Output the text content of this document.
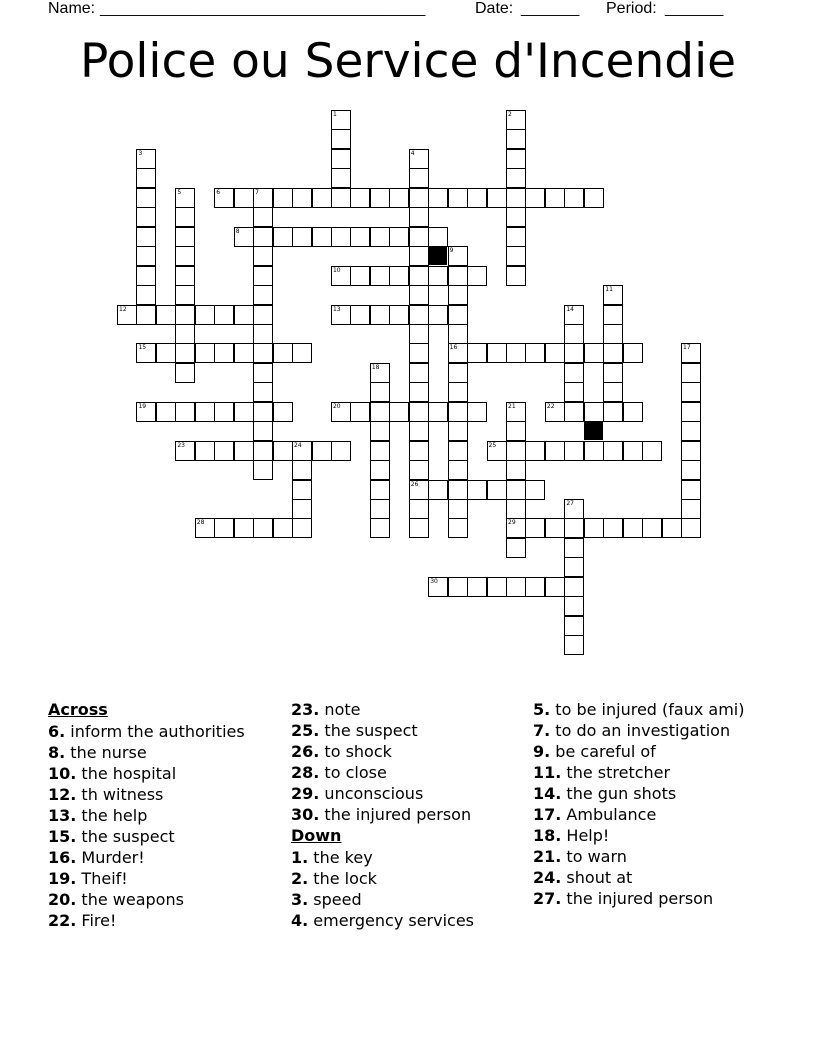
Name: _______________________________________	Date: _______ Period: _______
Police ou Service d'Incendie
1	2
3	4
26
5	6	7
8
9
16
10
11
12	13	14
15	17
18
19	20	21
29
22
23	24	25
27
28
30
Across
6. inform the authorities
8. the nurse
10. the hospital
12. th witness
13. the help
15. the suspect
16. Murder!
19. Theif!
20. the weapons
22. Fire!
23. note
25. the suspect
26. to shock
28. to close
29. unconscious
30. the injured person
Down
1. the key
2. the lock
3. speed
4. emergency services
5. to be injured (faux ami)
7. to do an investigation
9. be careful of
11. the stretcher
14. the gun shots
17. Ambulance
18. Help!
21. to warn
24. shout at
27. the injured person
